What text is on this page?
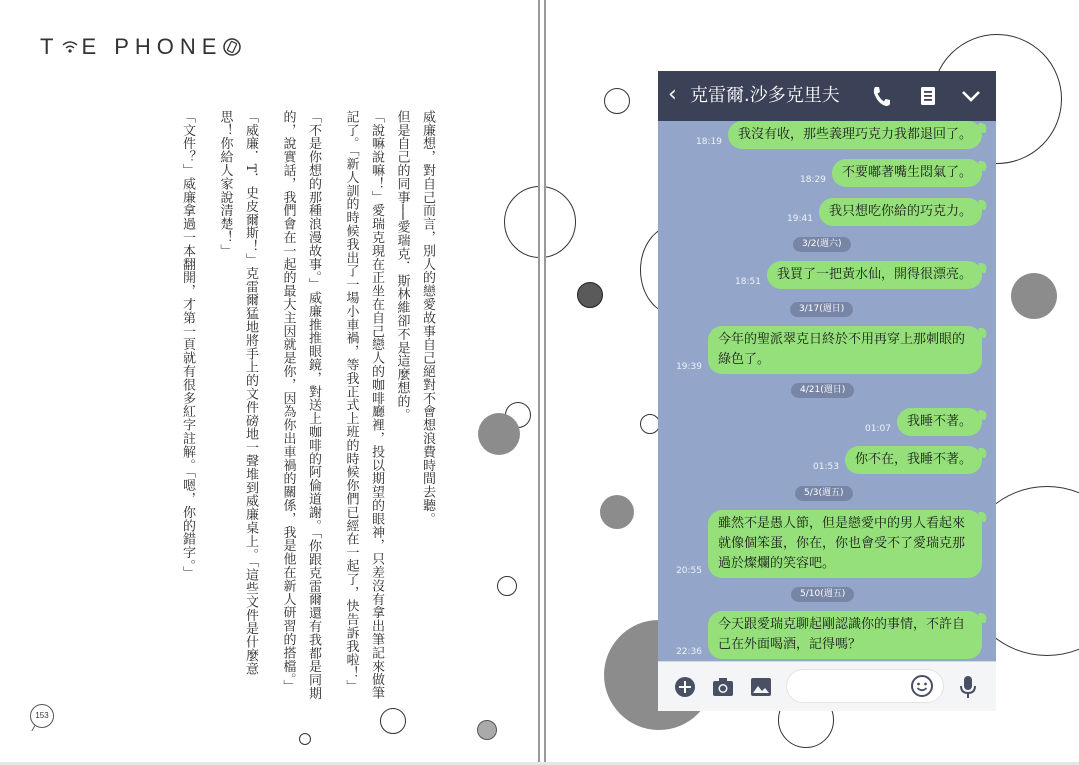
T E PHONE

威廉想，對自己而言，別人的戀愛故事自己絕對不會想浪費時間去聽。

但是自己的同事──愛瑞克．斯林維卻不是這麼想的。

「說嘛說嘛！」愛瑞克現在正坐在自己戀人的咖啡廳裡，投以期望的眼神，只差沒有拿出筆記來做筆記了。「新人訓的時候我出了一場小車禍，等我正式上班的時候你們已經在一起了，快告訴我啦！」

「不是你想的那種浪漫故事。」威廉推推眼鏡，對送上咖啡的阿倫道謝。「你跟克雷爾還有我都是同期的，說實話，我們會在一起的最大主因就是你，因為你出車禍的關係，我是他在新人研習的搭檔。」

「威廉．T．史皮爾斯！」克雷爾猛地將手上的文件磅地一聲堆到威廉桌上。「這些文件是什麼意思！你給人家說清楚！」

「文件？」威廉拿過一本翻開，才第一頁就有很多紅字註解。「嗯，你的錯字。」

153
‹ 克雷爾.沙多克里夫
18:19	我沒有收，那些義理巧克力我都退回了。
18:29	不要嘟著嘴生悶氣了。
19:41	我只想吃你給的巧克力。
3/2(週六)
18:51	我買了一把黃水仙，開得很漂亮。
3/17(週日)
19:39
今年的聖派翠克日終於不用再穿上那刺眼的綠色了。
4/21(週日)
01:07	我睡不著。
01:53	你不在，我睡不著。
5/3(週五)
20:55
雖然不是愚人節，但是戀愛中的男人看起來就像個笨蛋，你在，你也會受不了愛瑞克那過於燦爛的笑容吧。
5/10(週五)
22:36
今天跟愛瑞克聊起剛認識你的事情，不許自己在外面喝酒，記得嗎？
